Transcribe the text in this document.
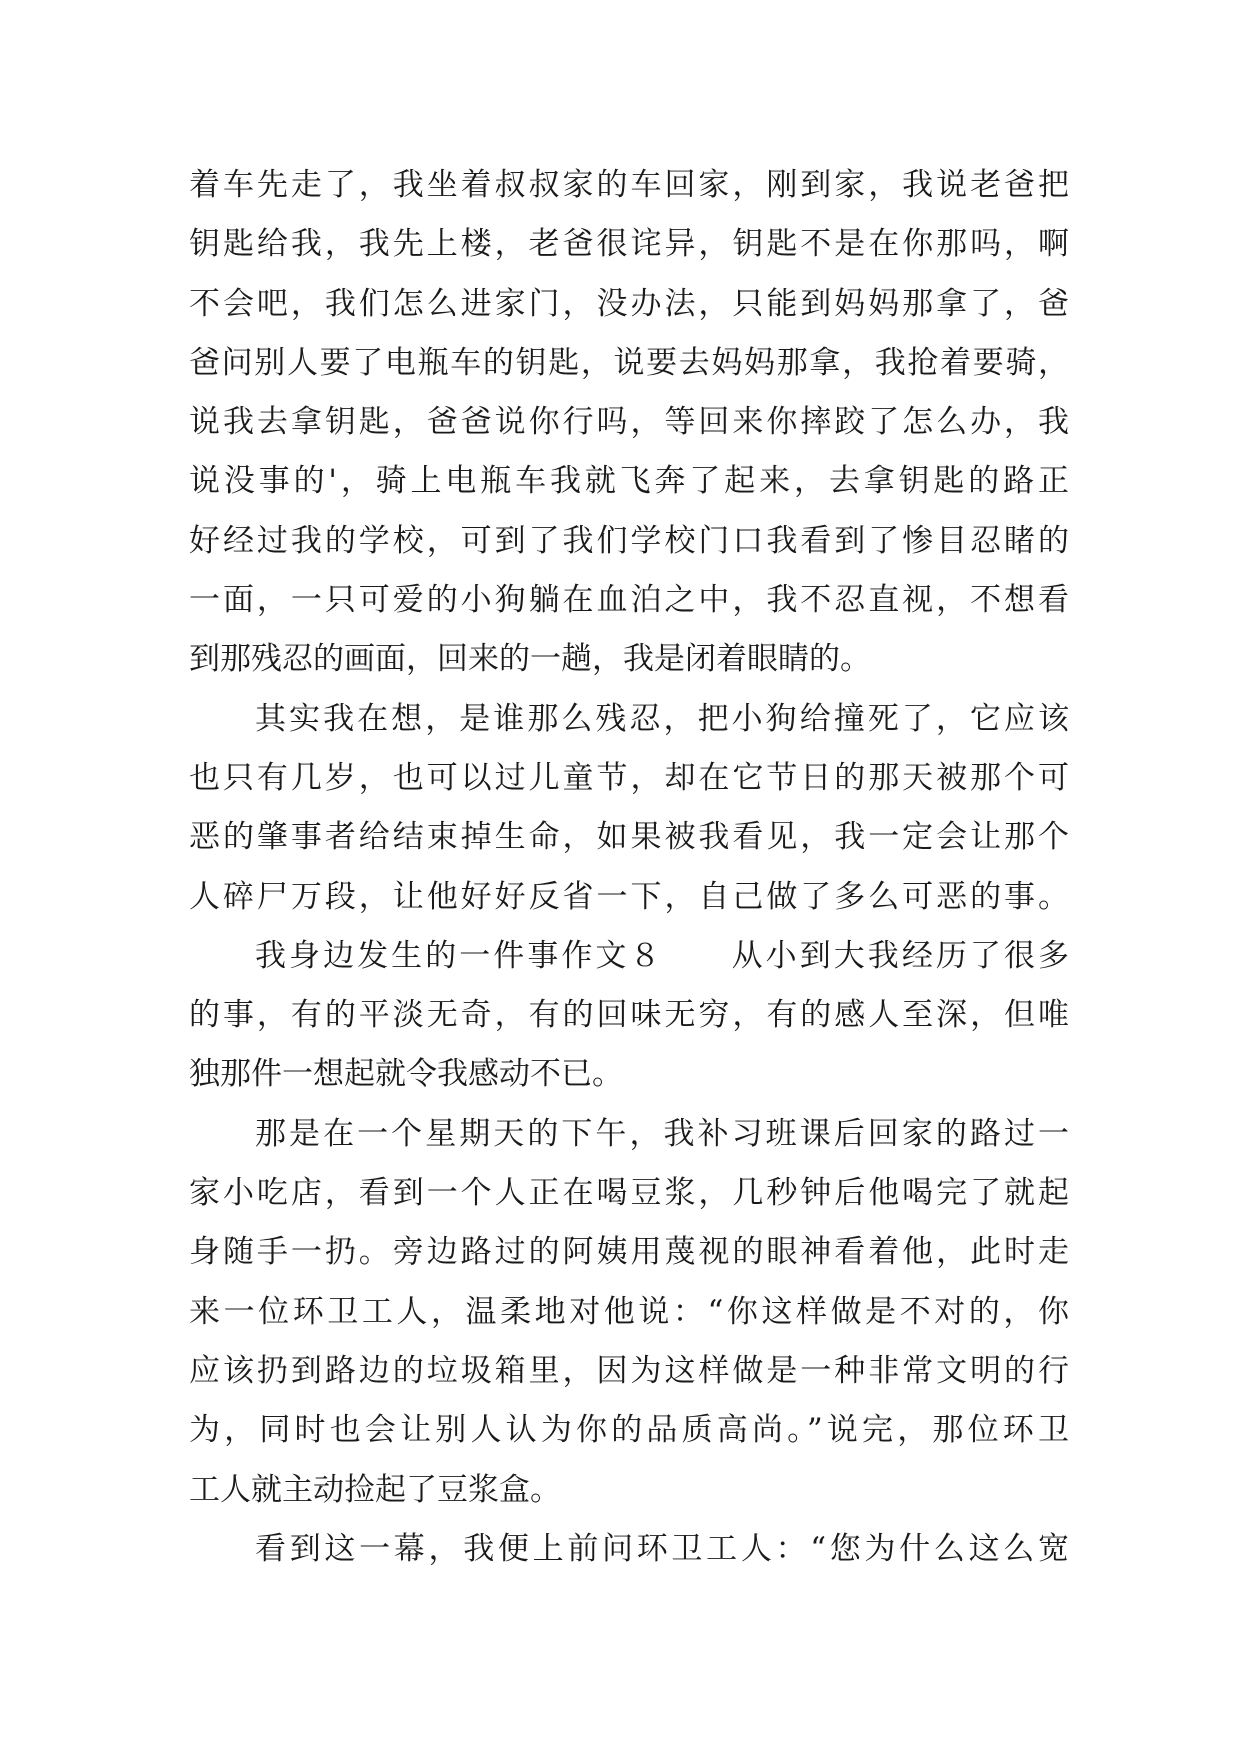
着车先走了，我坐着叔叔家的车回家，刚到家，我说老爸把
钥匙给我，我先上楼，老爸很诧异，钥匙不是在你那吗，啊
不会吧，我们怎么进家门，没办法，只能到妈妈那拿了，爸
爸问别人要了电瓶车的钥匙，说要去妈妈那拿，我抢着要骑，
说我去拿钥匙，爸爸说你行吗，等回来你摔跤了怎么办，我
说没事的'，骑上电瓶车我就飞奔了起来，去拿钥匙的路正
好经过我的学校，可到了我们学校门口我看到了惨目忍睹的
一面，一只可爱的小狗躺在血泊之中，我不忍直视，不想看
到那残忍的画面，回来的一趟，我是闭着眼睛的。
其实我在想，是谁那么残忍，把小狗给撞死了，它应该
也只有几岁，也可以过儿童节，却在它节日的那天被那个可
恶的肇事者给结束掉生命，如果被我看见，我一定会让那个
人碎尸万段，让他好好反省一下，自己做了多么可恶的事。
我身边发生的一件事作文８　　从小到大我经历了很多
的事，有的平淡无奇，有的回味无穷，有的感人至深，但唯
独那件一想起就令我感动不已。
那是在一个星期天的下午，我补习班课后回家的路过一
家小吃店，看到一个人正在喝豆浆，几秒钟后他喝完了就起
身随手一扔。旁边路过的阿姨用蔑视的眼神看着他，此时走
来一位环卫工人，温柔地对他说：“你这样做是不对的，你
应该扔到路边的垃圾箱里，因为这样做是一种非常文明的行
为，同时也会让别人认为你的品质高尚。”说完，那位环卫
工人就主动捡起了豆浆盒。
看到这一幕，我便上前问环卫工人：“您为什么这么宽
